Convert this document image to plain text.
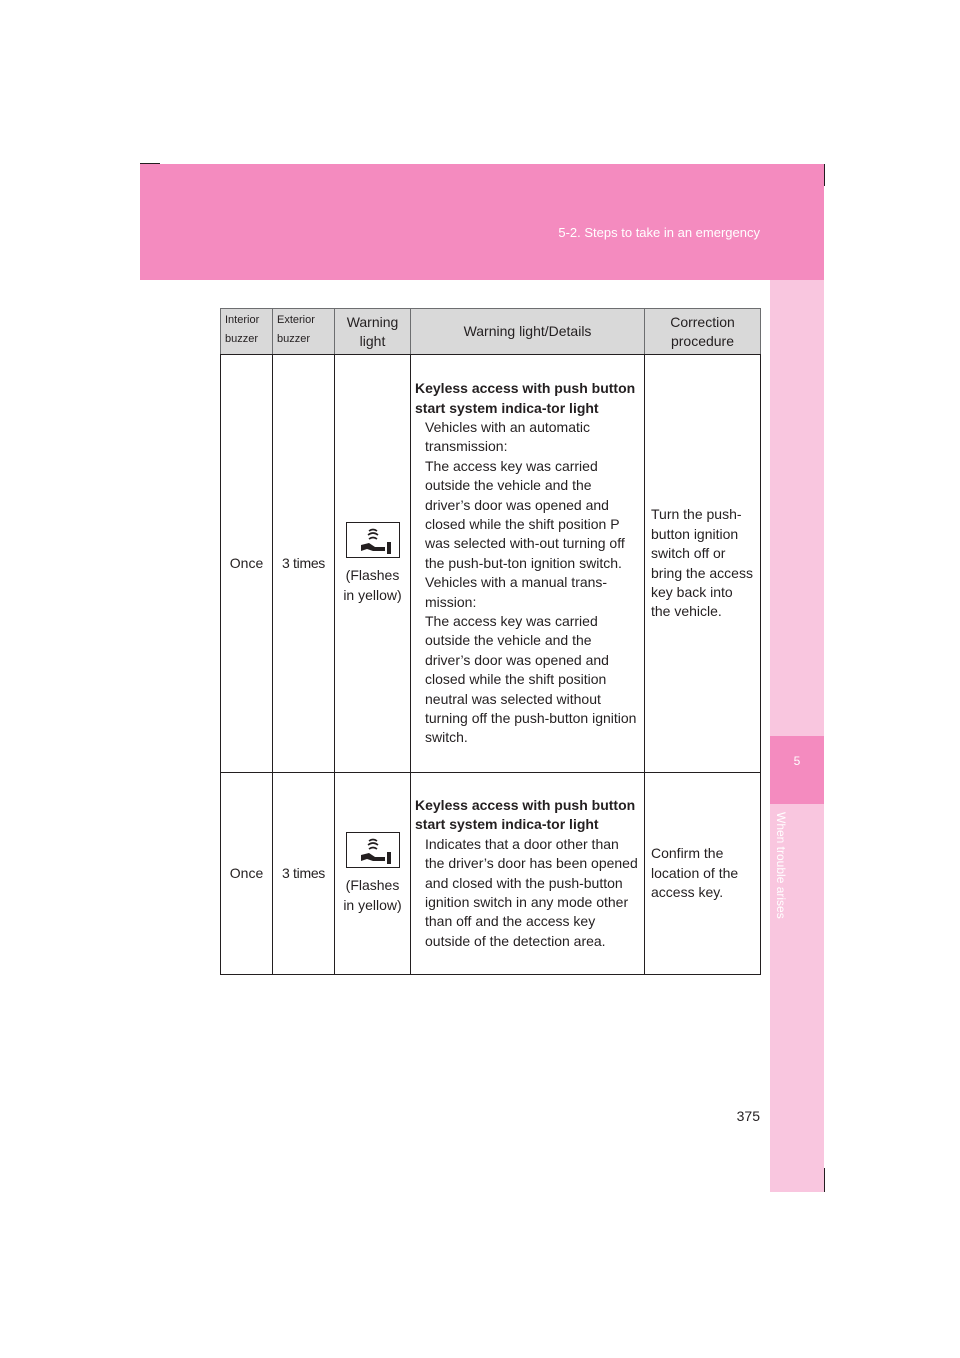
5-2. Steps to take in an emergency
5
When trouble arises
Interior
buzzer	Exterior
buzzer	Warning light	Warning light/Details	Correction procedure
Once	3 times	(Flashes
in yellow)	Keyless access with push button start system indica-tor light
Vehicles with an automatic transmission:
The access key was carried outside the vehicle and the driver’s door was opened and closed while the shift position P was selected with-out turning off the push-but-ton ignition switch.
Vehicles with a manual trans-mission:
The access key was carried outside the vehicle and the driver’s door was opened and closed while the shift position neutral was selected without turning off the push-button ignition switch.	Turn the push-button ignition switch off or bring the access key back into the vehicle.
Once	3 times	(Flashes
in yellow)	Keyless access with push button start system indica-tor light
Indicates that a door other than the driver’s door has been opened and closed with the push-button ignition switch in any mode other than off and the access key outside of the detection area.	Confirm the location of the access key.
375
